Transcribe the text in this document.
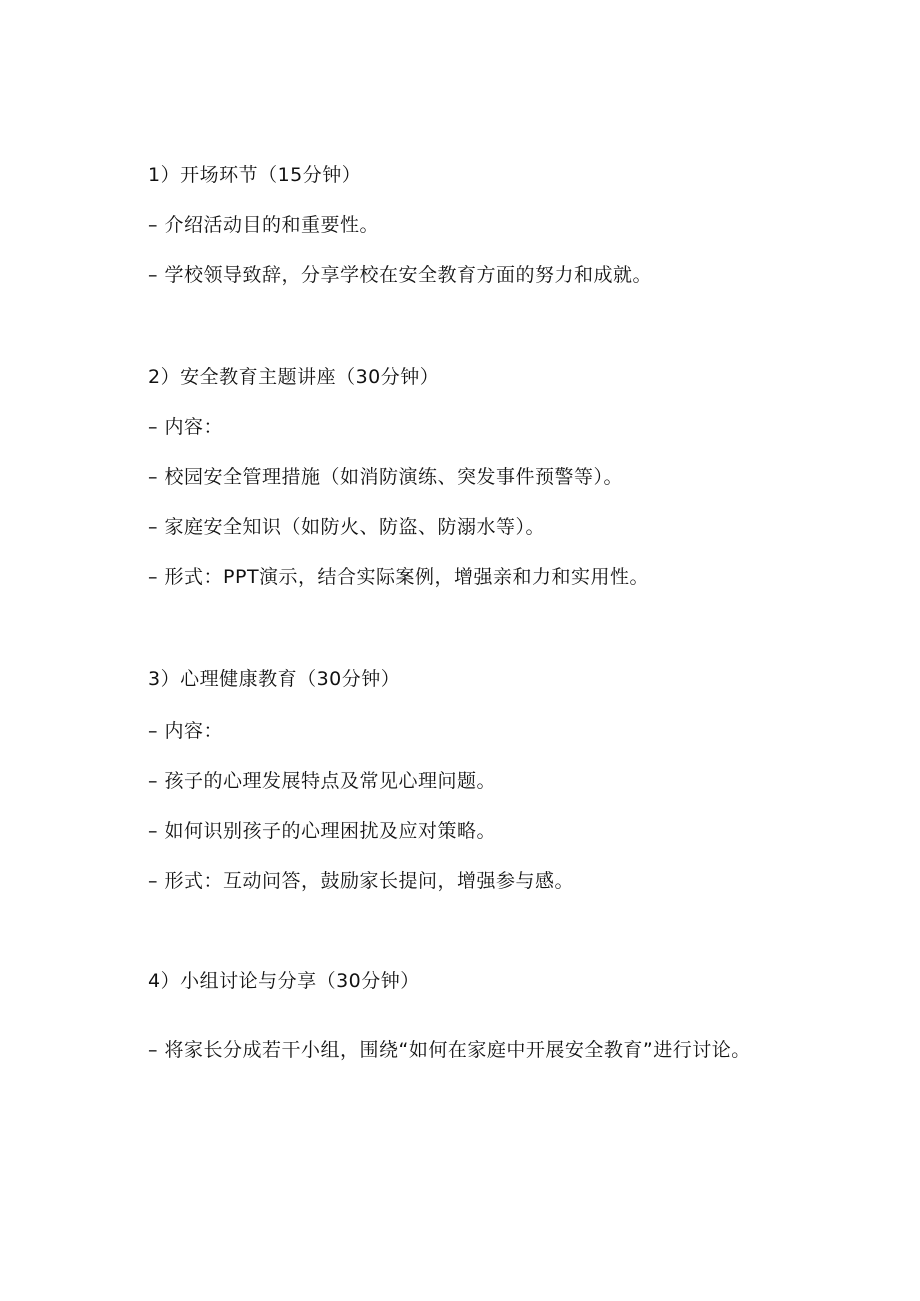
1）开场环节（15分钟）
– 介绍活动目的和重要性。
– 学校领导致辞，分享学校在安全教育方面的努力和成就。
2）安全教育主题讲座（30分钟）
– 内容：
– 校园安全管理措施（如消防演练、突发事件预警等）。
– 家庭安全知识（如防火、防盗、防溺水等）。
– 形式：PPT演示，结合实际案例，增强亲和力和实用性。
3）心理健康教育（30分钟）
– 内容：
– 孩子的心理发展特点及常见心理问题。
– 如何识别孩子的心理困扰及应对策略。
– 形式：互动问答，鼓励家长提问，增强参与感。
4）小组讨论与分享（30分钟）
– 将家长分成若干小组，围绕“如何在家庭中开展安全教育”进行讨论。
